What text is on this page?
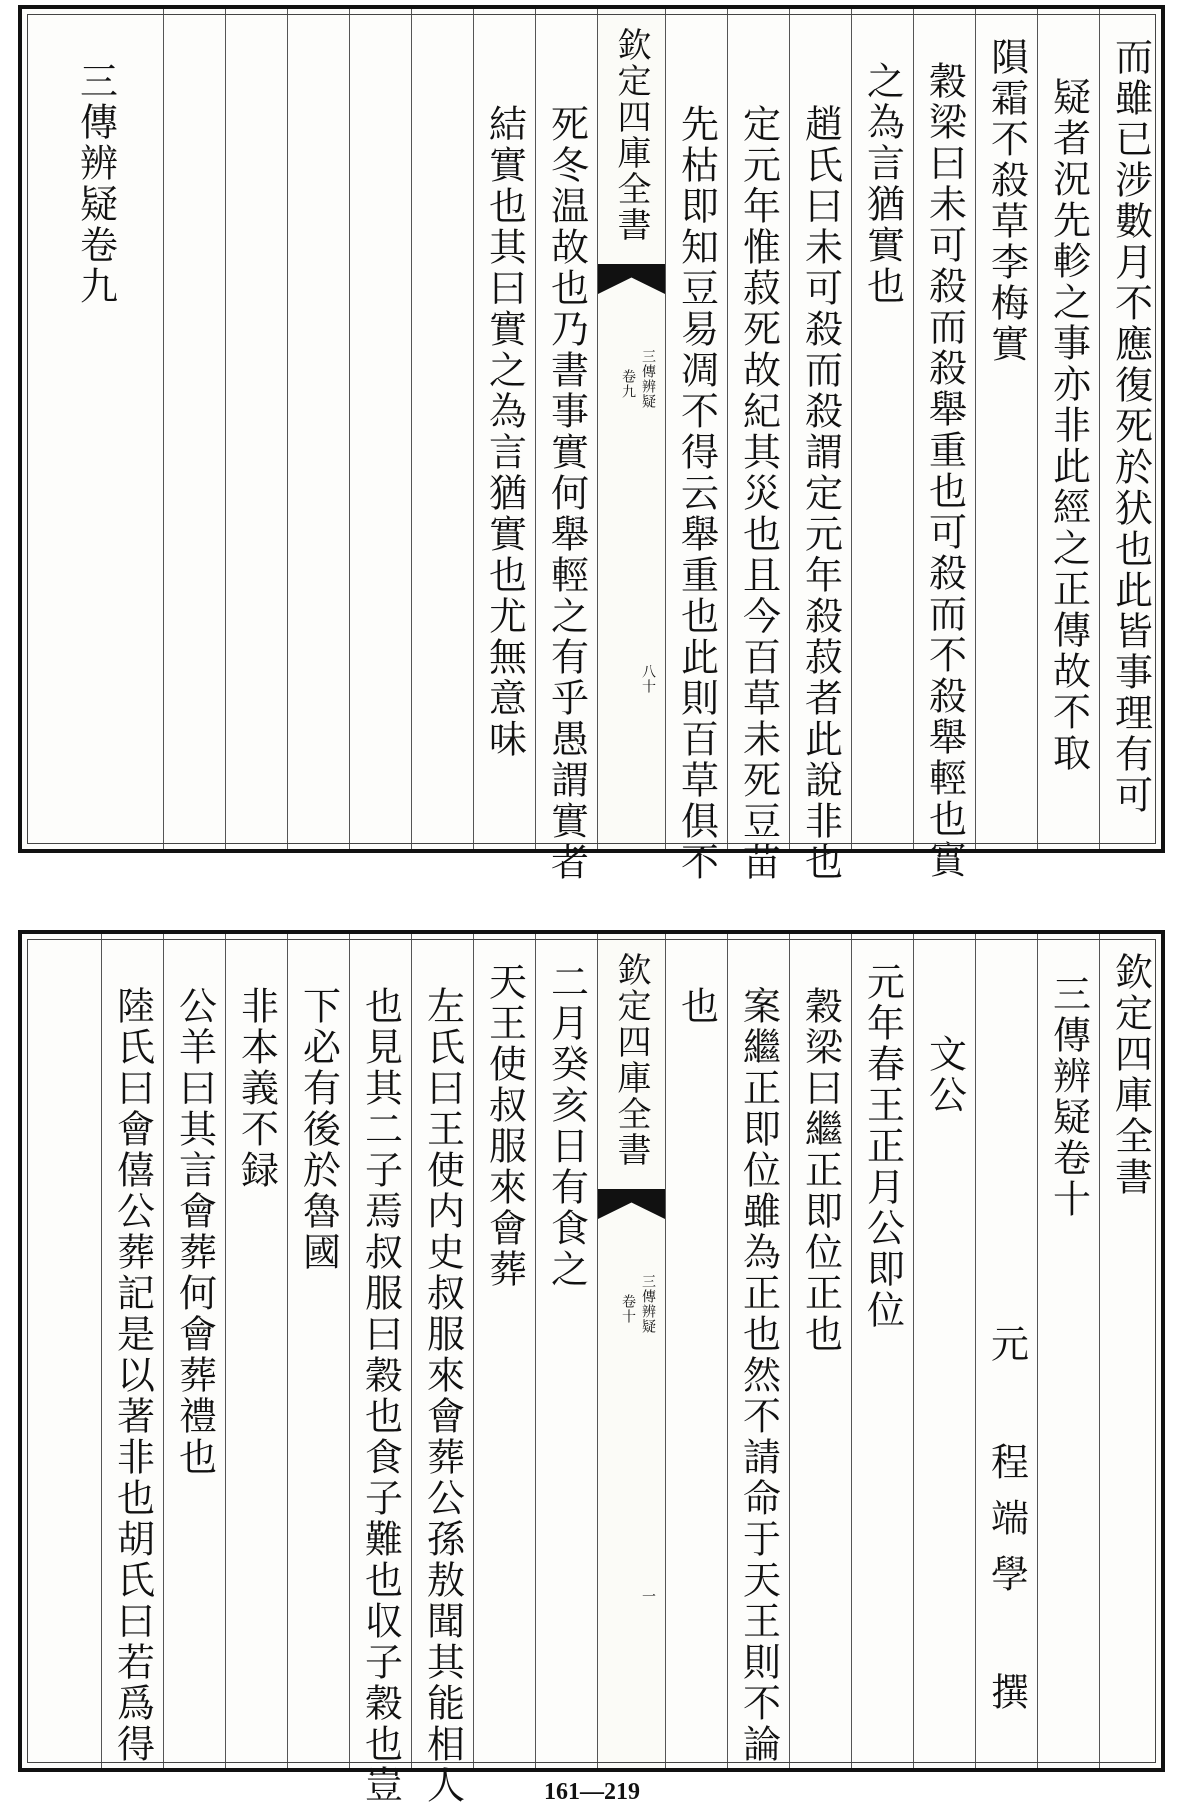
而雖已涉數月不應復死於犾也此皆事理有可
疑者況先軫之事亦非此經之正傳故不取
隕霜不殺草李梅實
穀梁曰未可殺而殺舉重也可殺而不殺舉輕也實
之為言猶實也
趙氏曰未可殺而殺謂定元年殺菽者此說非也
定元年惟菽死故紀其災也且今百草未死豆苗
先枯即知豆易凋不得云舉重也此則百草俱不
欽定四庫全書
三傳辨疑
卷九
八十
死冬温故也乃書事實何舉輕之有乎愚謂實者
結實也其曰實之為言猶實也尤無意味
三傳辨疑卷九
欽定四庫全書
三傳辨疑卷十
元 程端學 撰
文公
元年春王正月公即位
穀梁曰繼正即位正也
案繼正即位雖為正也然不請命于天王則不論
也
欽定四庫全書
三傳辨疑
卷十
一
二月癸亥日有食之
天王使叔服來會葬
左氏曰王使内史叔服來會葬公孫敖聞其能相人
也見其二子焉叔服曰穀也食子難也収子穀也豈
下必有後於魯國
非本義不録
公羊曰其言會葬何會葬禮也
陸氏曰會僖公葬記是以著非也胡氏曰若爲得
161—219
